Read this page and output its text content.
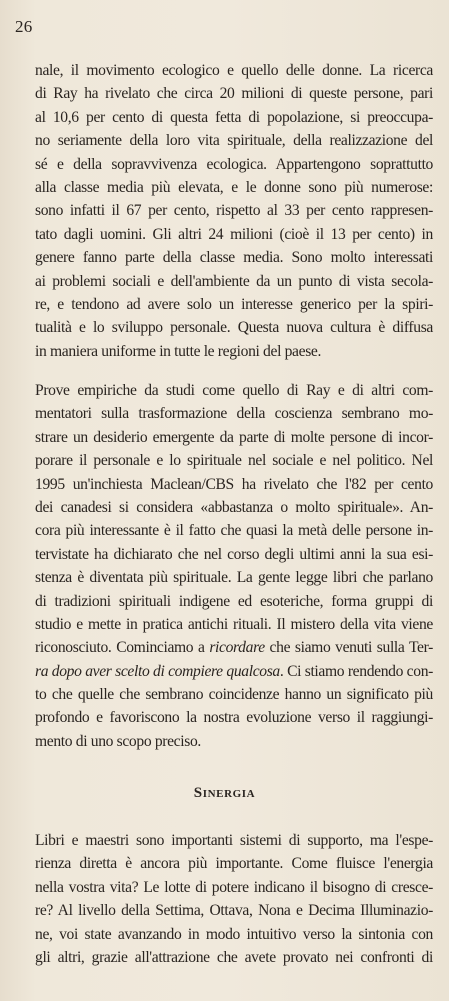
26
nale, il movimento ecologico e quello delle donne. La ricerca
di Ray ha rivelato che circa 20 milioni di queste persone, pari
al 10,6 per cento di questa fetta di popolazione, si preoccupa-
no seriamente della loro vita spirituale, della realizzazione del
sé e della sopravvivenza ecologica. Appartengono soprattutto
alla classe media più elevata, e le donne sono più numerose:
sono infatti il 67 per cento, rispetto al 33 per cento rappresen-
tato dagli uomini. Gli altri 24 milioni (cioè il 13 per cento) in
genere fanno parte della classe media. Sono molto interessati
ai problemi sociali e dell'ambiente da un punto di vista secola-
re, e tendono ad avere solo un interesse generico per la spiri-
tualità e lo sviluppo personale. Questa nuova cultura è diffusa
in maniera uniforme in tutte le regioni del paese.
Prove empiriche da studi come quello di Ray e di altri com-
mentatori sulla trasformazione della coscienza sembrano mo-
strare un desiderio emergente da parte di molte persone di incor-
porare il personale e lo spirituale nel sociale e nel politico. Nel
1995 un'inchiesta Maclean/CBS ha rivelato che l'82 per cento
dei canadesi si considera «abbastanza o molto spirituale». An-
cora più interessante è il fatto che quasi la metà delle persone in-
tervistate ha dichiarato che nel corso degli ultimi anni la sua esi-
stenza è diventata più spirituale. La gente legge libri che parlano
di tradizioni spirituali indigene ed esoteriche, forma gruppi di
studio e mette in pratica antichi rituali. Il mistero della vita viene
riconosciuto. Cominciamo a ricordare che siamo venuti sulla Ter-
ra dopo aver scelto di compiere qualcosa. Ci stiamo rendendo con-
to che quelle che sembrano coincidenze hanno un significato più
profondo e favoriscono la nostra evoluzione verso il raggiungi-
mento di uno scopo preciso.
Sinergia
Libri e maestri sono importanti sistemi di supporto, ma l'espe-
rienza diretta è ancora più importante. Come fluisce l'energia
nella vostra vita? Le lotte di potere indicano il bisogno di cresce-
re? Al livello della Settima, Ottava, Nona e Decima Illuminazio-
ne, voi state avanzando in modo intuitivo verso la sintonia con
gli altri, grazie all'attrazione che avete provato nei confronti di
